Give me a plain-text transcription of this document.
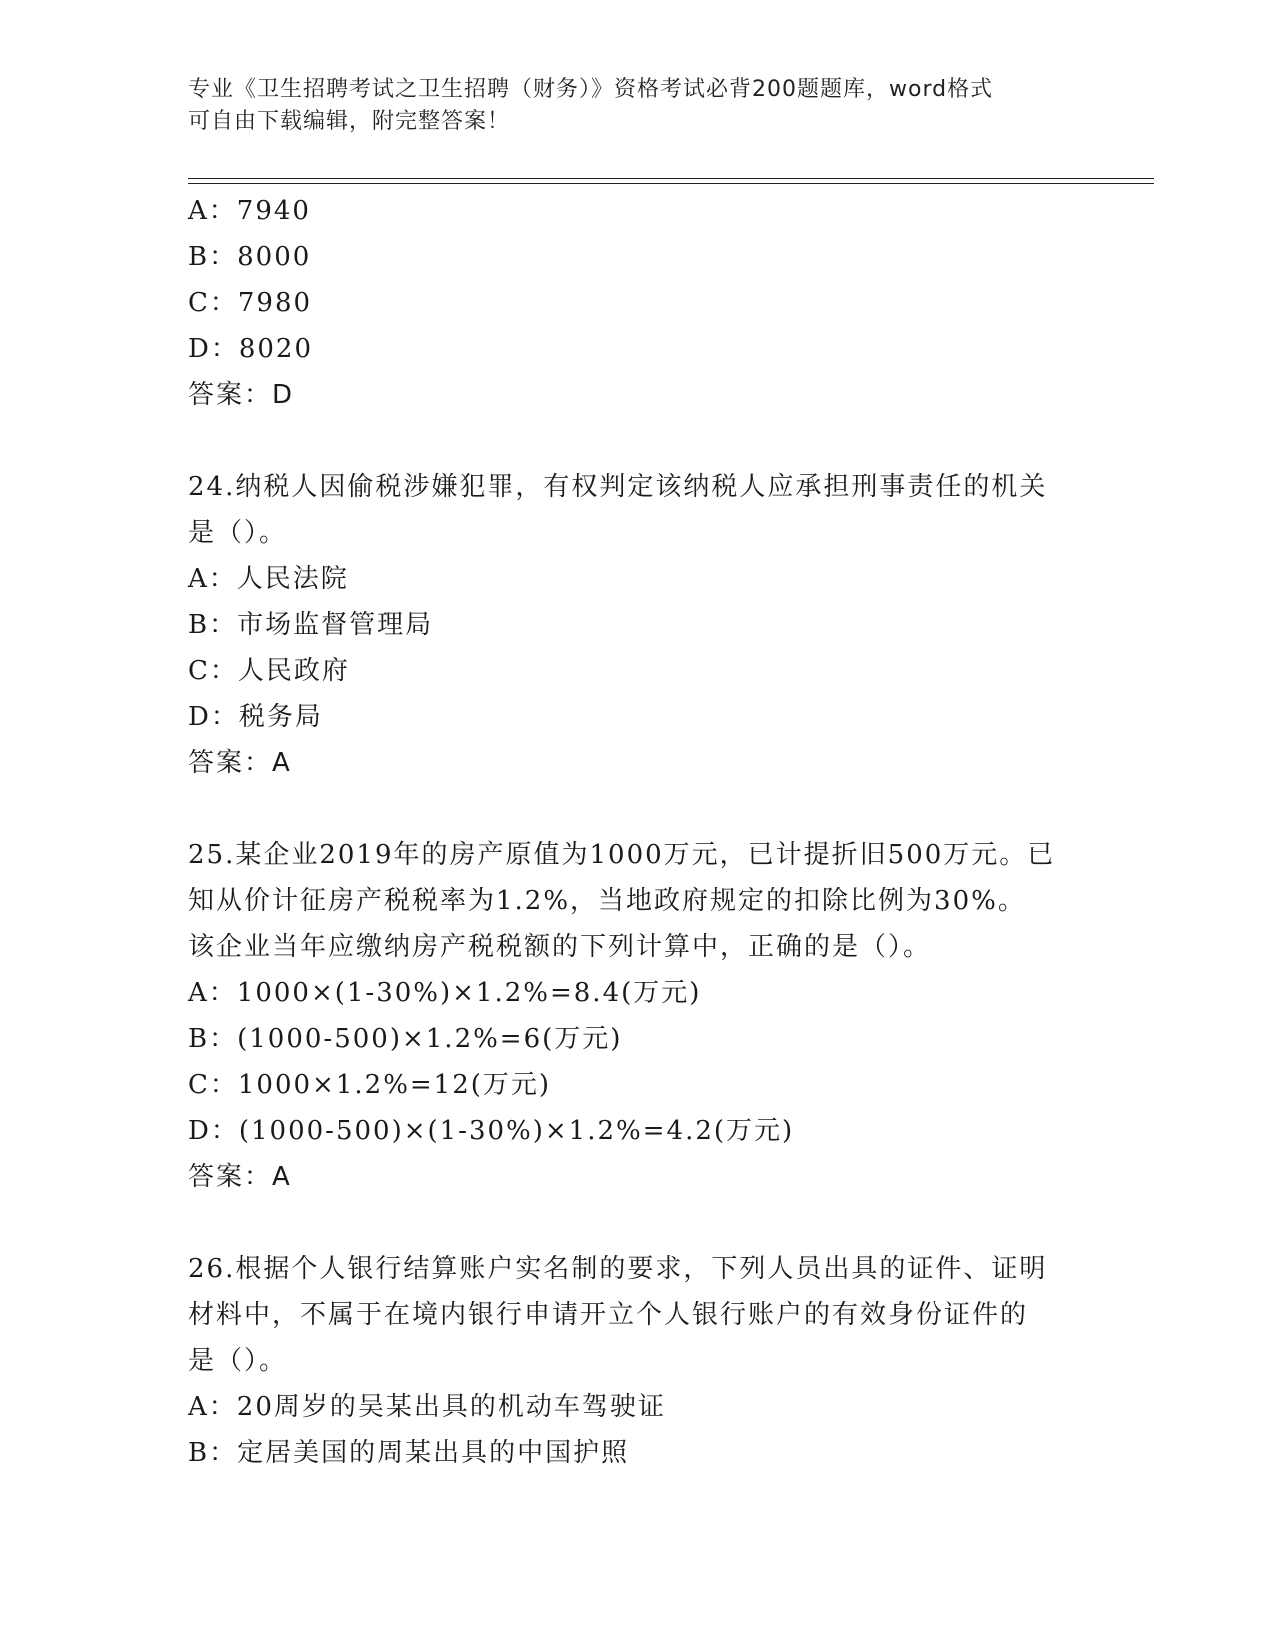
专业《卫生招聘考试之卫生招聘（财务）》资格考试必背200题题库，word格式
可自由下载编辑，附完整答案！
A：7940
B：8000
C：7980
D：8020
答案：D
24.纳税人因偷税涉嫌犯罪，有权判定该纳税人应承担刑事责任的机关
是（）。
A：人民法院
B：市场监督管理局
C：人民政府
D：税务局
答案：A
25.某企业2019年的房产原值为1000万元，已计提折旧500万元。已
知从价计征房产税税率为1.2%，当地政府规定的扣除比例为30%。
该企业当年应缴纳房产税税额的下列计算中，正确的是（）。
A：1000×(1-30%)×1.2%=8.4(万元)
B：(1000-500)×1.2%=6(万元)
C：1000×1.2%=12(万元)
D：(1000-500)×(1-30%)×1.2%=4.2(万元)
答案：A
26.根据个人银行结算账户实名制的要求，下列人员出具的证件、证明
材料中，不属于在境内银行申请开立个人银行账户的有效身份证件的
是（）。
A：20周岁的吴某出具的机动车驾驶证
B：定居美国的周某出具的中国护照
